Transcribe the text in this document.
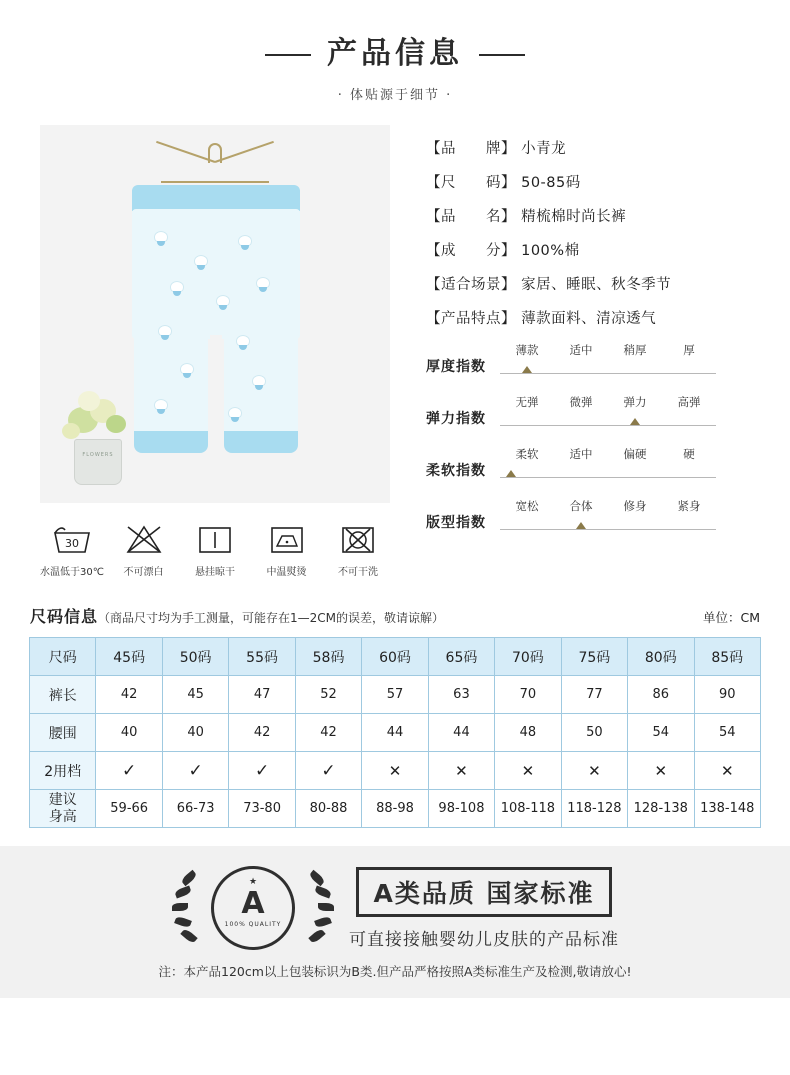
产品信息
· 体贴源于细节 ·
FLOWERS
30
水温低于30℃	不可漂白	悬挂晾干	中温熨烫	不可干洗
【品　　牌】 小青龙
【尺　　码】 50-85码
【品　　名】 精梳棉时尚长裤
【成　　分】 100%棉
【适合场景】 家居、睡眠、秋冬季节
【产品特点】 薄款面料、清凉透气
厚度指数
薄款	适中	稍厚	厚
弹力指数
无弹	微弹	弹力	高弹
柔软指数
柔软	适中	偏硬	硬
版型指数
宽松	合体	修身	紧身
尺码信息（商品尺寸均为手工测量，可能存在1—2CM的误差，敬请谅解）	单位：CM
尺码	45码	50码	55码	58码	60码	65码	70码	75码	80码	85码
裤长	42	45	47	52	57	63	70	77	86	90
腰围	40	40	42	42	44	44	48	50	54	54
2用档	✓	✓	✓	✓	✕	✕	✕	✕	✕	✕
建议
身高	59-66	66-73	73-80	80-88	88-98	98-108	108-118	118-128	128-138	138-148
★
A
100% QUALITY
A类品质 国家标准
可直接接触婴幼儿皮肤的产品标准
注：本产品120cm以上包装标识为B类.但产品严格按照A类标准生产及检测,敬请放心!
